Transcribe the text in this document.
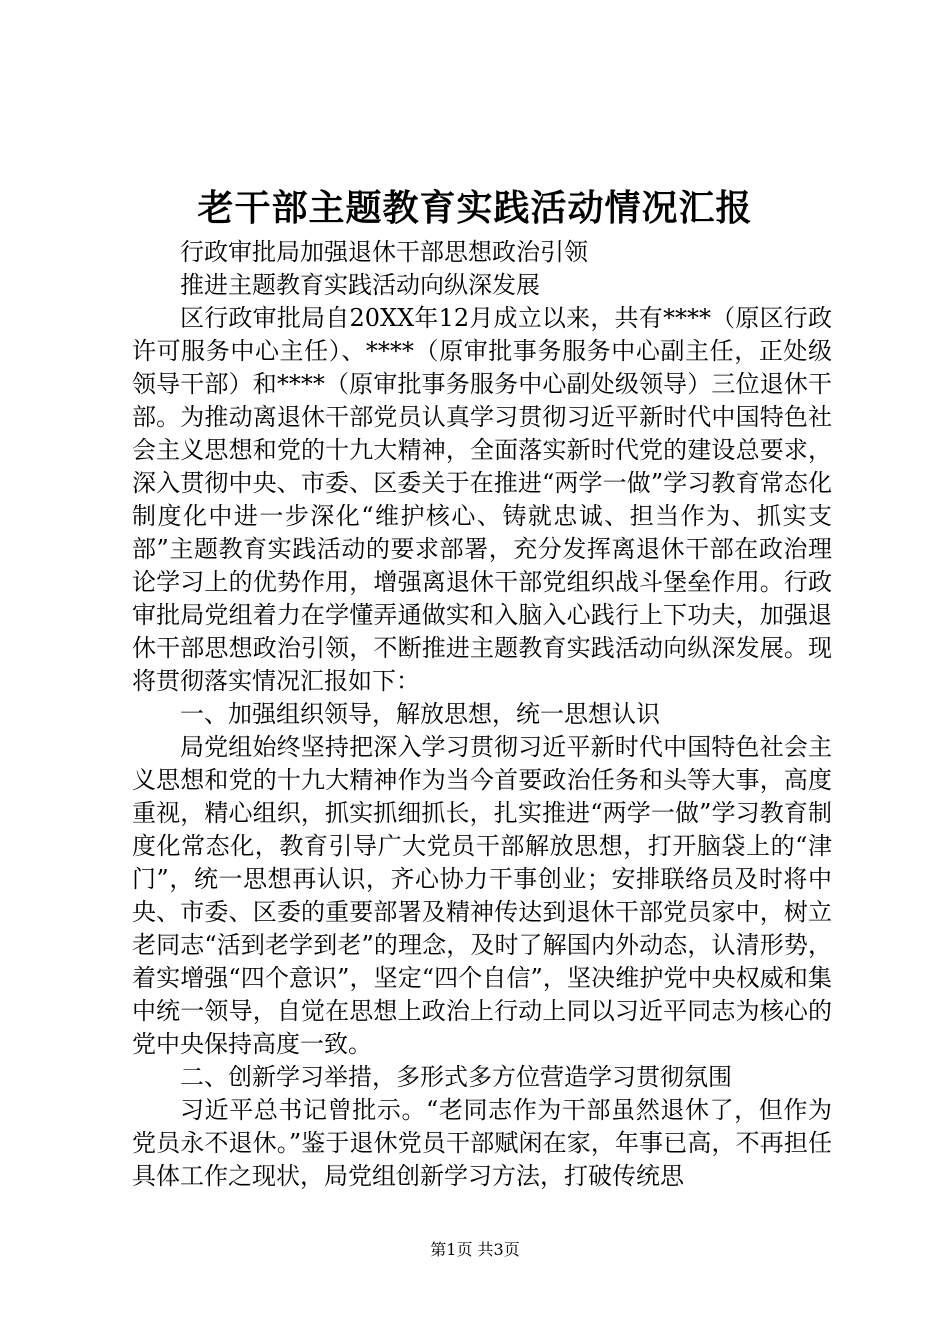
老干部主题教育实践活动情况汇报

行政审批局加强退休干部思想政治引领

推进主题教育实践活动向纵深发展

区行政审批局自20XX年12月成立以来，共有****（原区行政许可服务中心主任）、****（原审批事务服务中心副主任，正处级领导干部）和****（原审批事务服务中心副处级领导）三位退休干部。为推动离退休干部党员认真学习贯彻习近平新时代中国特色社会主义思想和党的十九大精神，全面落实新时代党的建设总要求，深入贯彻中央、市委、区委关于在推进“两学一做”学习教育常态化制度化中进一步深化“维护核心、铸就忠诚、担当作为、抓实支部”主题教育实践活动的要求部署，充分发挥离退休干部在政治理论学习上的优势作用，增强离退休干部党组织战斗堡垒作用。行政审批局党组着力在学懂弄通做实和入脑入心践行上下功夫，加强退休干部思想政治引领，不断推进主题教育实践活动向纵深发展。现将贯彻落实情况汇报如下：

一、加强组织领导，解放思想，统一思想认识

局党组始终坚持把深入学习贯彻习近平新时代中国特色社会主义思想和党的十九大精神作为当今首要政治任务和头等大事，高度重视，精心组织，抓实抓细抓长，扎实推进“两学一做”学习教育制度化常态化，教育引导广大党员干部解放思想，打开脑袋上的“津门”，统一思想再认识，齐心协力干事创业；安排联络员及时将中央、市委、区委的重要部署及精神传达到退休干部党员家中，树立老同志“活到老学到老”的理念，及时了解国内外动态，认清形势，着实增强“四个意识”，坚定“四个自信”，坚决维护党中央权威和集中统一领导，自觉在思想上政治上行动上同以习近平同志为核心的党中央保持高度一致。

二、创新学习举措，多形式多方位营造学习贯彻氛围

习近平总书记曾批示。“老同志作为干部虽然退休了，但作为党员永不退休。”鉴于退休党员干部赋闲在家，年事已高，不再担任具体工作之现状，局党组创新学习方法，打破传统思

第1页 共3页
